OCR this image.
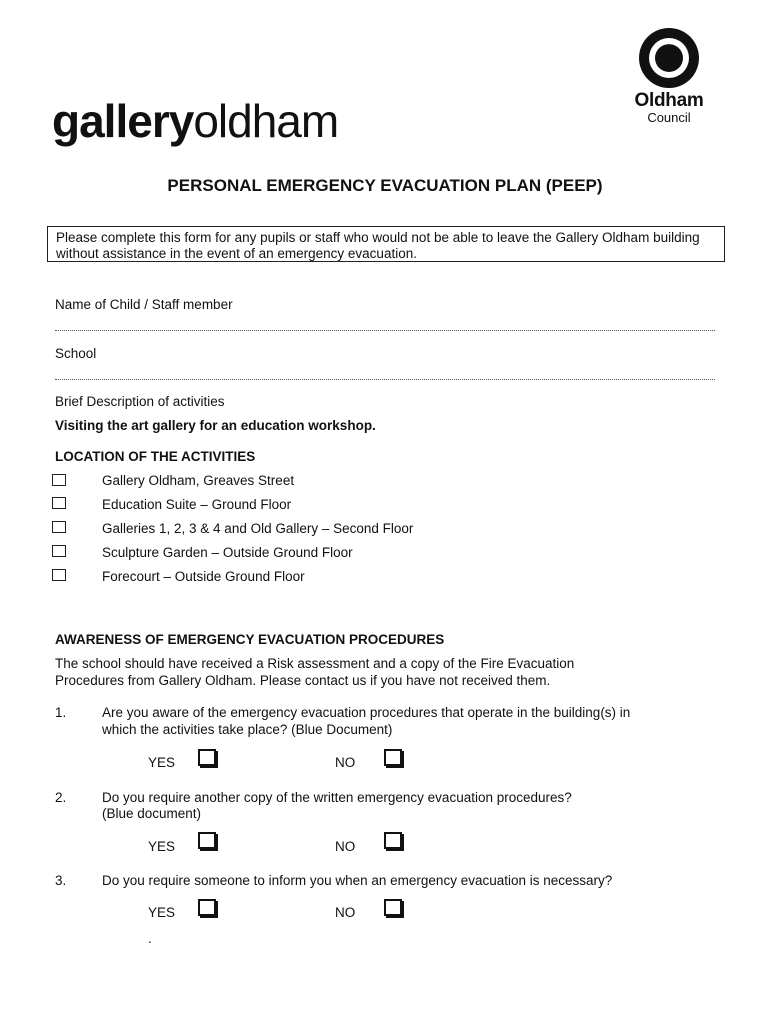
galleryoldham	Oldham
Council
PERSONAL EMERGENCY EVACUATION PLAN (PEEP)
Please complete this form for any pupils or staff who would not be able to leave the Gallery Oldham building without assistance in the event of an emergency evacuation.
Name of Child / Staff member
School
Brief Description of activities
Visiting the art gallery for an education workshop.
LOCATION OF THE ACTIVITIES
Gallery Oldham, Greaves Street
Education Suite – Ground Floor
Galleries 1, 2, 3 & 4 and Old Gallery – Second Floor
Sculpture Garden – Outside Ground Floor
Forecourt – Outside Ground Floor
AWARENESS OF EMERGENCY EVACUATION PROCEDURES
The school should have received a Risk assessment and a copy of the Fire Evacuation
Procedures from Gallery Oldham. Please contact us if you have not received them.
1.	Are you aware of the emergency evacuation procedures that operate in the building(s) in
which the activities take place? (Blue Document)
YES	NO
2.	Do you require another copy of the written emergency evacuation procedures?
(Blue document)
YES	NO
3.	Do you require someone to inform you when an emergency evacuation is necessary?
YES	NO
.
